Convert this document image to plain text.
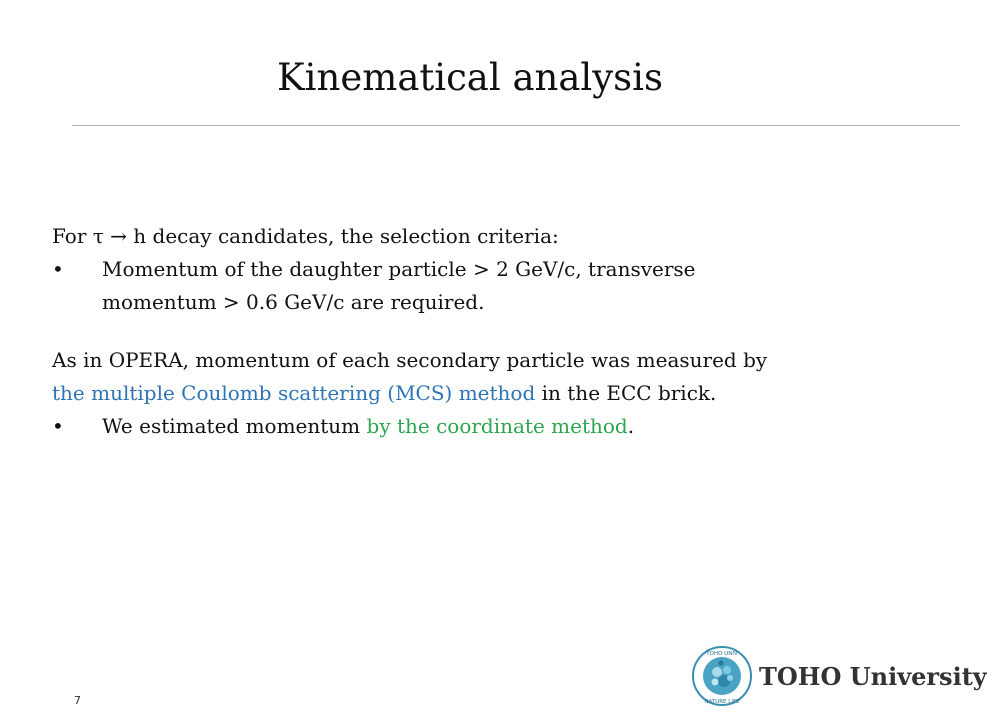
Kinematical analysis
For τ → h decay candidates, the selection criteria:
•	Momentum of the daughter particle > 2 GeV/c, transverse
momentum > 0.6 GeV/c are required.
As in OPERA, momentum of each secondary particle was measured by
the multiple Coulomb scattering (MCS) method in the ECC brick.
•	We estimated momentum by the coordinate method.
7
TOHO UNIV
NATURE LIFE
TOHO University
